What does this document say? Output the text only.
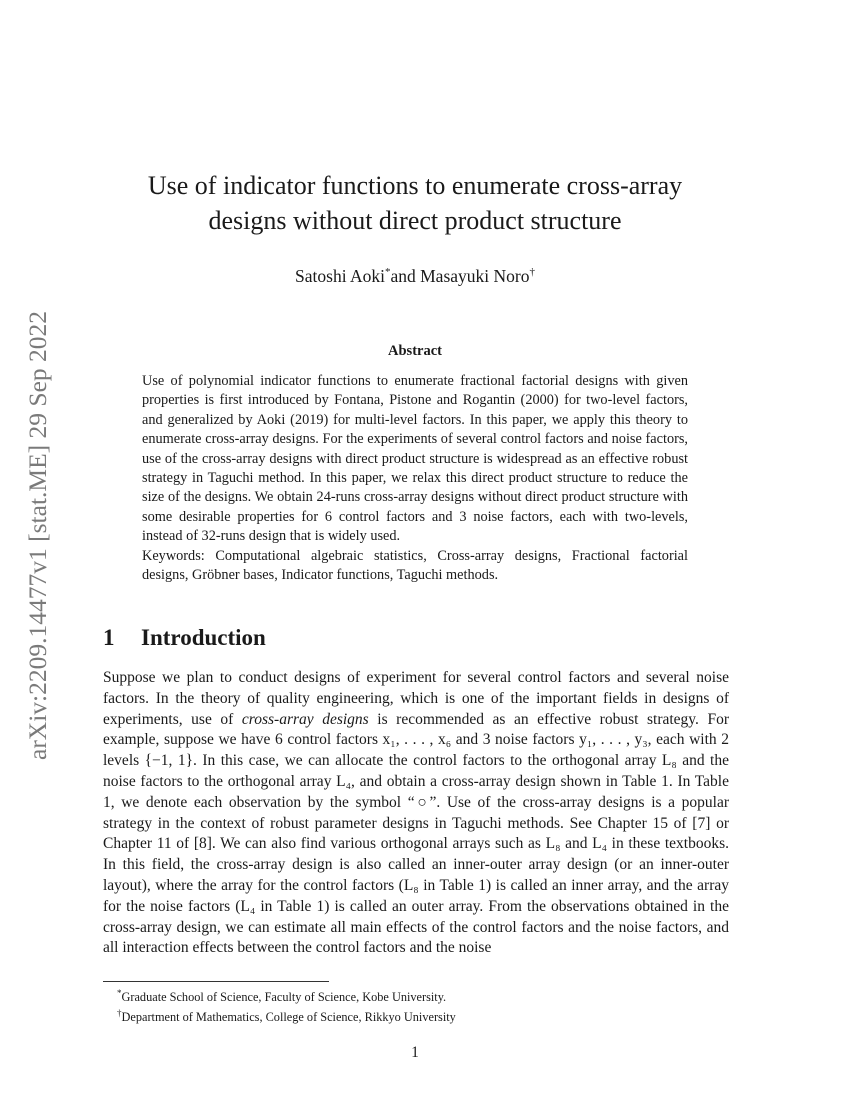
arXiv:2209.14477v1 [stat.ME] 29 Sep 2022
Use of indicator functions to enumerate cross-array
designs without direct product structure
Satoshi Aoki*and Masayuki Noro†
Abstract

Use of polynomial indicator functions to enumerate fractional factorial designs with given properties is first introduced by Fontana, Pistone and Rogantin (2000) for two-level factors, and generalized by Aoki (2019) for multi-level factors. In this paper, we apply this theory to enumerate cross-array designs. For the experiments of several control factors and noise factors, use of the cross-array designs with direct product structure is widespread as an effective robust strategy in Taguchi method. In this paper, we relax this direct product structure to reduce the size of the designs. We obtain 24-runs cross-array designs without direct product structure with some desirable properties for 6 control factors and 3 noise factors, each with two-levels, instead of 32-runs design that is widely used.

Keywords: Computational algebraic statistics, Cross-array designs, Fractional factorial designs, Gröbner bases, Indicator functions, Taguchi methods.

1 Introduction

Suppose we plan to conduct designs of experiment for several control factors and several noise factors. In the theory of quality engineering, which is one of the important fields in designs of experiments, use of cross-array designs is recommended as an effective robust strategy. For example, suppose we have 6 control factors x₁, . . . , x₆ and 3 noise factors y₁, . . . , y₃, each with 2 levels {−1, 1}. In this case, we can allocate the control factors to the orthogonal array L₈ and the noise factors to the orthogonal array L₄, and obtain a cross-array design shown in Table 1. In Table 1, we denote each observation by the symbol “○”. Use of the cross-array designs is a popular strategy in the context of robust parameter designs in Taguchi methods. See Chapter 15 of [7] or Chapter 11 of [8]. We can also find various orthogonal arrays such as L₈ and L₄ in these textbooks. In this field, the cross-array design is also called an inner-outer array design (or an inner-outer layout), where the array for the control factors (L₈ in Table 1) is called an inner array, and the array for the noise factors (L₄ in Table 1) is called an outer array. From the observations obtained in the cross-array design, we can estimate all main effects of the control factors and the noise factors, and all interaction effects between the control factors and the noise

*Graduate School of Science, Faculty of Science, Kobe University.
†Department of Mathematics, College of Science, Rikkyo University
1
